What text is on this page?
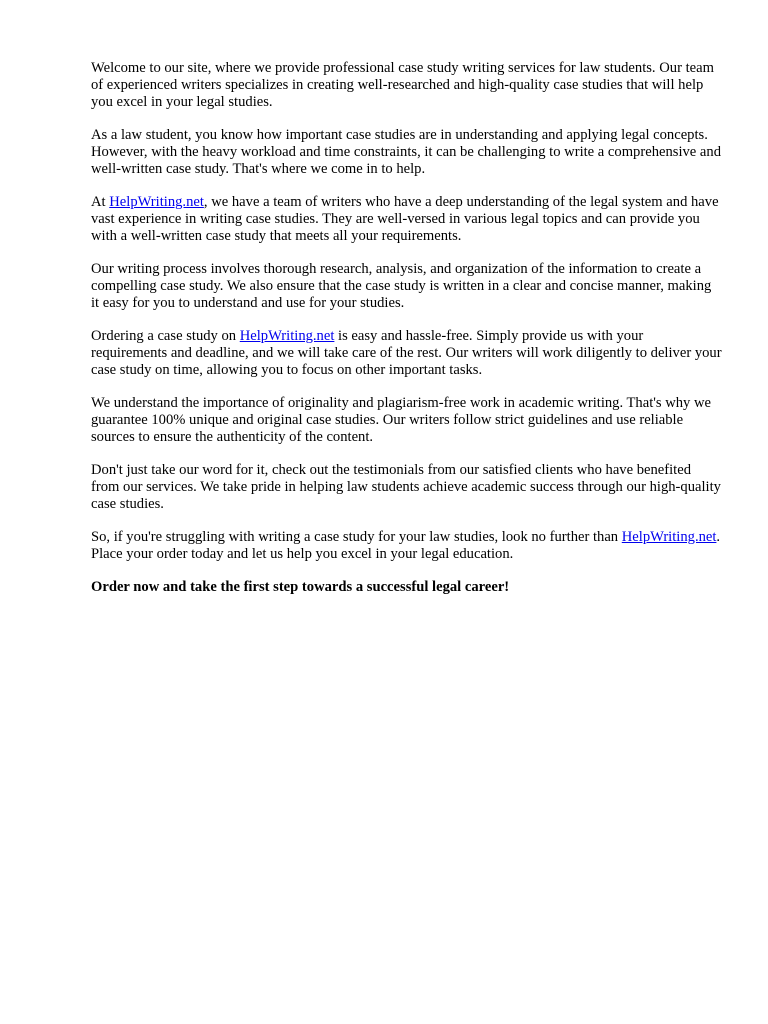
Welcome to our site, where we provide professional case study writing services for law students. Our team of experienced writers specializes in creating well-researched and high-quality case studies that will help you excel in your legal studies.

As a law student, you know how important case studies are in understanding and applying legal concepts. However, with the heavy workload and time constraints, it can be challenging to write a comprehensive and well-written case study. That's where we come in to help.

At HelpWriting.net, we have a team of writers who have a deep understanding of the legal system and have vast experience in writing case studies. They are well-versed in various legal topics and can provide you with a well-written case study that meets all your requirements.

Our writing process involves thorough research, analysis, and organization of the information to create a compelling case study. We also ensure that the case study is written in a clear and concise manner, making it easy for you to understand and use for your studies.

Ordering a case study on HelpWriting.net is easy and hassle-free. Simply provide us with your requirements and deadline, and we will take care of the rest. Our writers will work diligently to deliver your case study on time, allowing you to focus on other important tasks.

We understand the importance of originality and plagiarism-free work in academic writing. That's why we guarantee 100% unique and original case studies. Our writers follow strict guidelines and use reliable sources to ensure the authenticity of the content.

Don't just take our word for it, check out the testimonials from our satisfied clients who have benefited from our services. We take pride in helping law students achieve academic success through our high-quality case studies.

So, if you're struggling with writing a case study for your law studies, look no further than HelpWriting.net. Place your order today and let us help you excel in your legal education.

Order now and take the first step towards a successful legal career!
